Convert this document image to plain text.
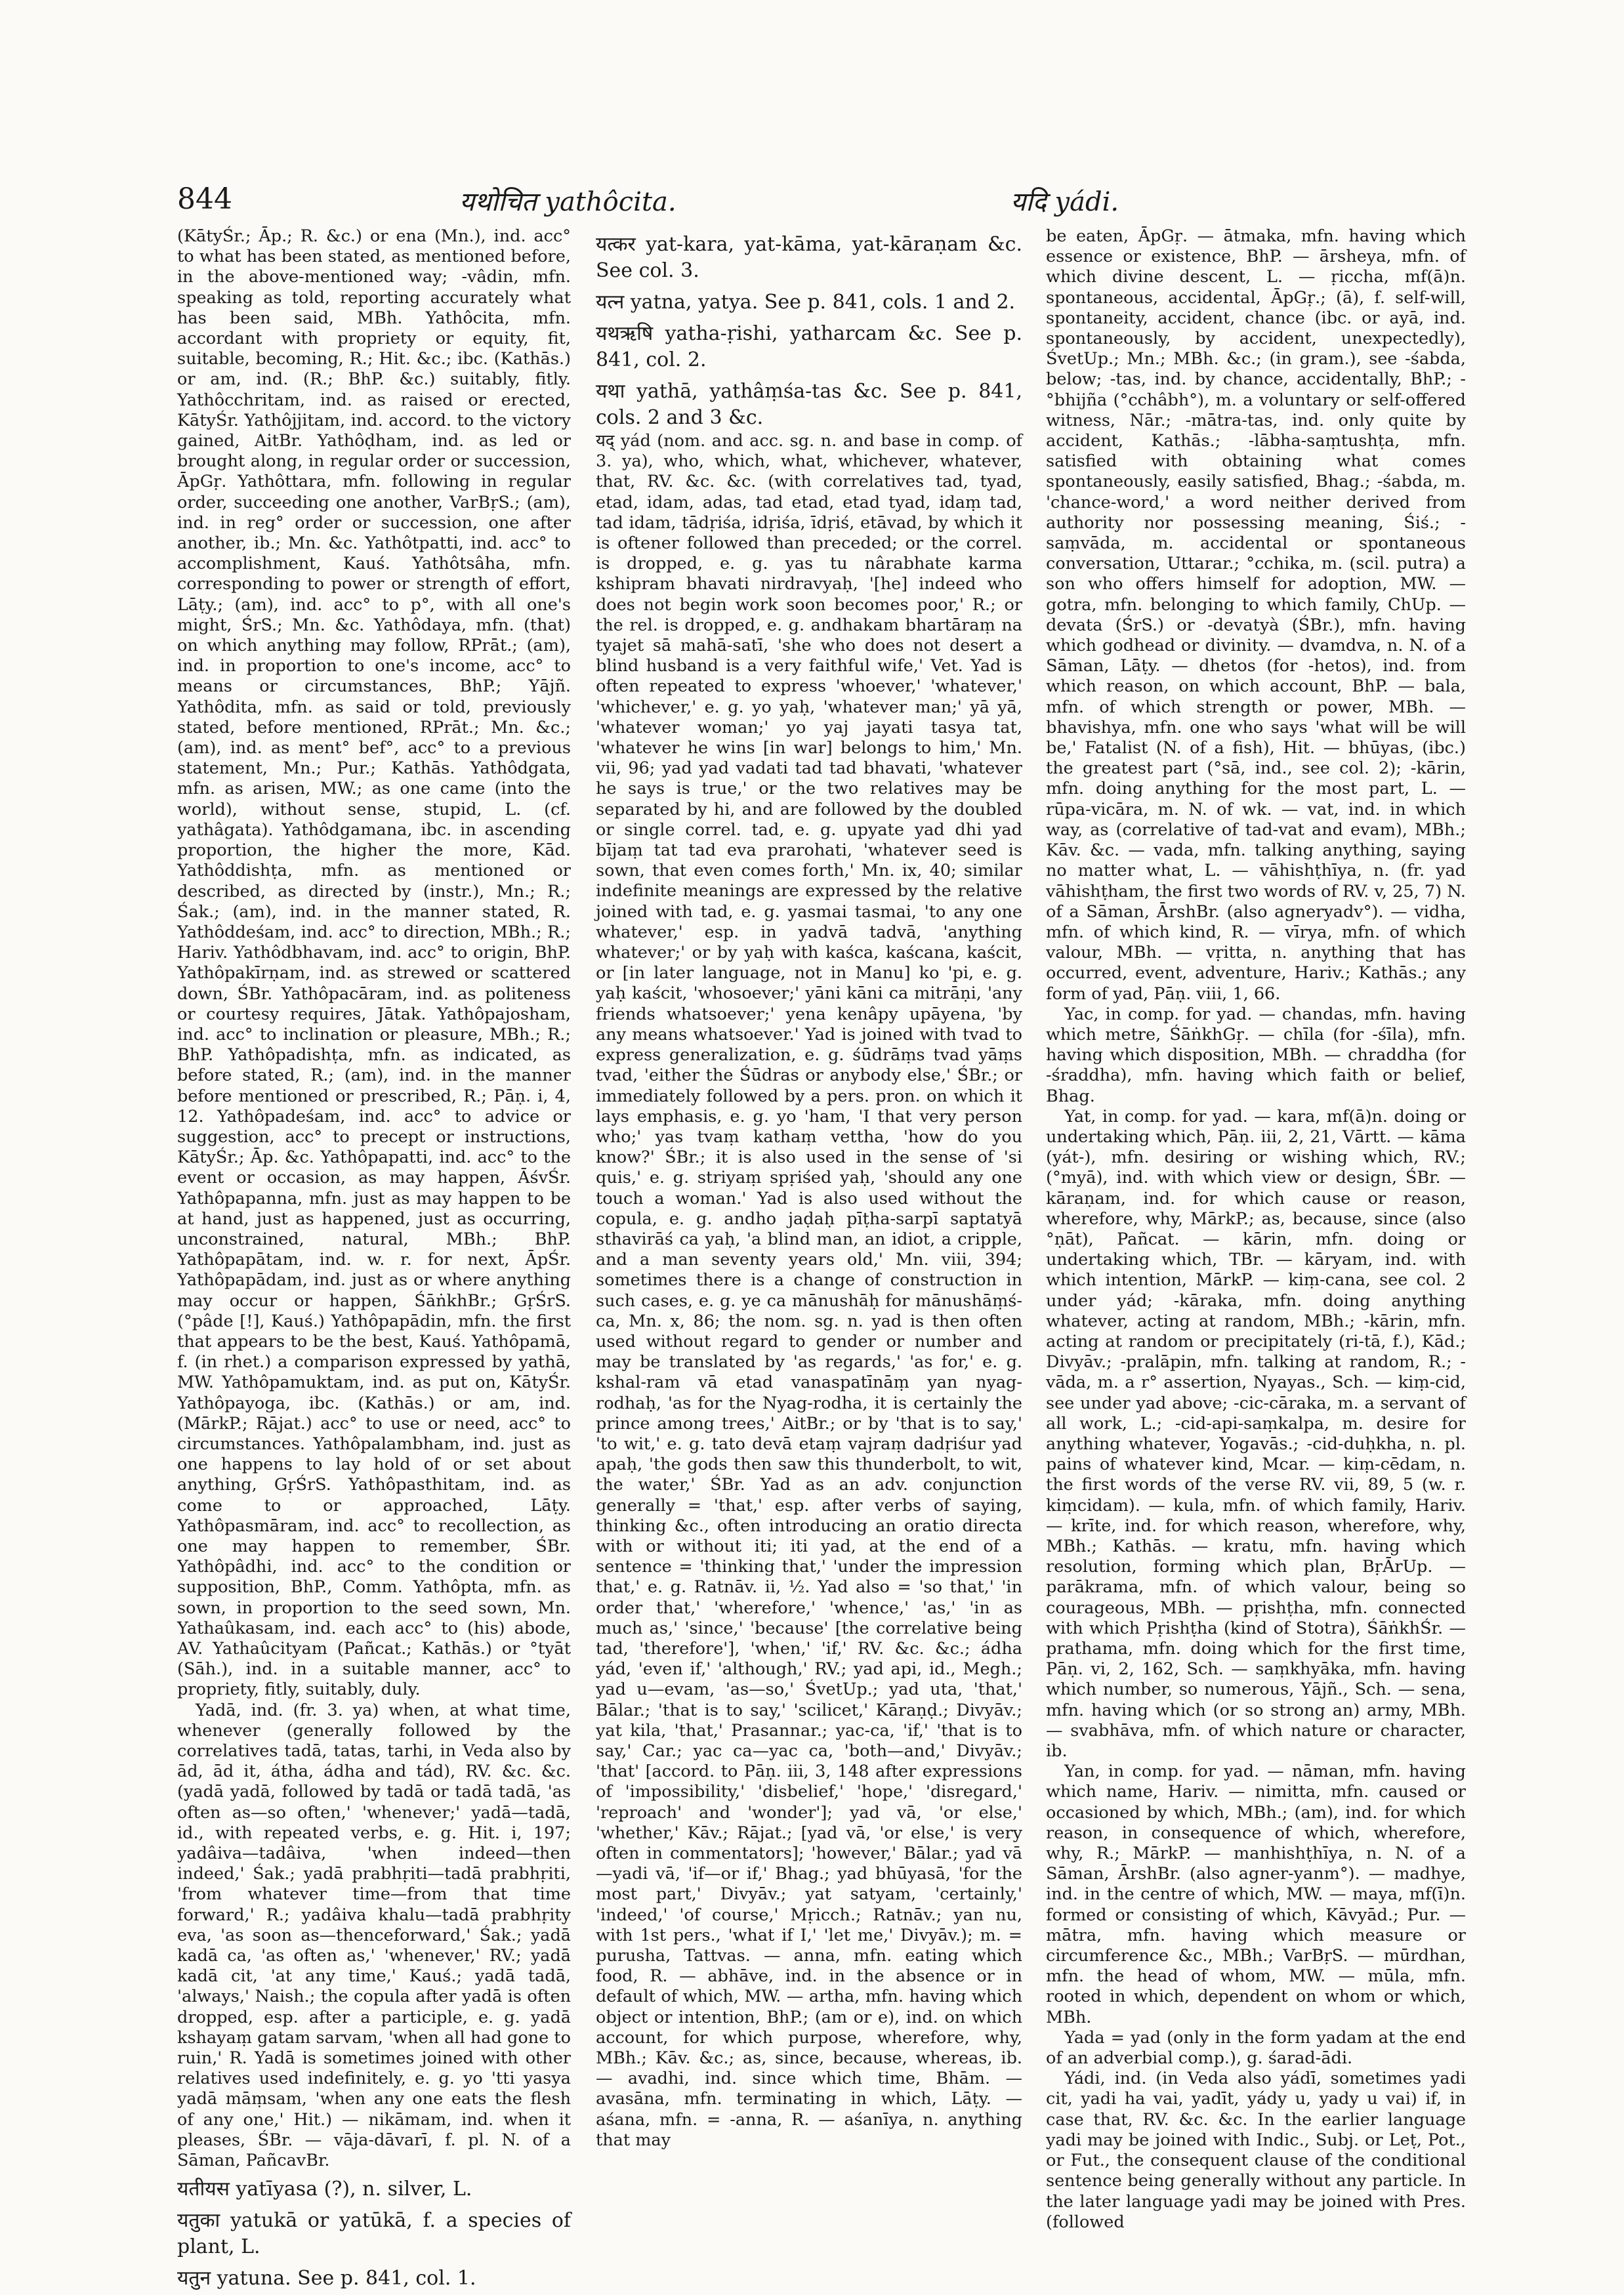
844	यथोचित yathôcita.	यदि yádi.

(KātyŚr.; Āp.; R. &c.) or ena (Mn.), ind. acc° to what has been stated, as mentioned before, in the above-mentioned way; -vâdin, mfn. speaking as told, reporting accurately what has been said, MBh. Yathôcita, mfn. accordant with propriety or equity, fit, suitable, becoming, R.; Hit. &c.; ibc. (Kathās.) or am, ind. (R.; BhP. &c.) suitably, fitly. Yathôcchritam, ind. as raised or erected, KātyŚr. Yathôjjitam, ind. accord. to the victory gained, AitBr. Yathôḍham, ind. as led or brought along, in regular order or succession, ĀpGṛ. Yathôttara, mfn. following in regular order, succeeding one another, VarBṛS.; (am), ind. in reg° order or succession, one after another, ib.; Mn. &c. Yathôtpatti, ind. acc° to accomplishment, Kauś. Yathôtsâha, mfn. corresponding to power or strength of effort, Lāṭy.; (am), ind. acc° to p°, with all one's might, ŚrS.; Mn. &c. Yathôdaya, mfn. (that) on which anything may follow, RPrāt.; (am), ind. in proportion to one's income, acc° to means or circumstances, BhP.; Yājñ. Yathôdita, mfn. as said or told, previously stated, before mentioned, RPrāt.; Mn. &c.; (am), ind. as ment° bef°, acc° to a previous statement, Mn.; Pur.; Kathās. Yathôdgata, mfn. as arisen, MW.; as one came (into the world), without sense, stupid, L. (cf. yathâgata). Yathôdgamana, ibc. in ascending proportion, the higher the more, Kād. Yathôddishṭa, mfn. as mentioned or described, as directed by (instr.), Mn.; R.; Śak.; (am), ind. in the manner stated, R. Yathôddeśam, ind. acc° to direction, MBh.; R.; Hariv. Yathôdbhavam, ind. acc° to origin, BhP. Yathôpakīrṇam, ind. as strewed or scattered down, ŚBr. Yathôpacāram, ind. as politeness or courtesy requires, Jātak. Yathôpajosham, ind. acc° to inclination or pleasure, MBh.; R.; BhP. Yathôpadishṭa, mfn. as indicated, as before stated, R.; (am), ind. in the manner before mentioned or prescribed, R.; Pāṇ. i, 4, 12. Yathôpadeśam, ind. acc° to advice or suggestion, acc° to precept or instructions, KātyŚr.; Āp. &c. Yathôpapatti, ind. acc° to the event or occasion, as may happen, ĀśvŚr. Yathôpapanna, mfn. just as may happen to be at hand, just as happened, just as occurring, unconstrained, natural, MBh.; BhP. Yathôpapātam, ind. w. r. for next, ĀpŚr. Yathôpapādam, ind. just as or where anything may occur or happen, ŚāṅkhBr.; GṛŚrS. (°pâde [!], Kauś.) Yathôpapādin, mfn. the first that appears to be the best, Kauś. Yathôpamā, f. (in rhet.) a comparison expressed by yathā, MW. Yathôpamuktam, ind. as put on, KātyŚr. Yathôpayoga, ibc. (Kathās.) or am, ind. (MārkP.; Rājat.) acc° to use or need, acc° to circumstances. Yathôpalambham, ind. just as one happens to lay hold of or set about anything, GṛŚrS. Yathôpasthitam, ind. as come to or approached, Lāṭy. Yathôpasmāram, ind. acc° to recollection, as one may happen to remember, ŚBr. Yathôpâdhi, ind. acc° to the condition or supposition, BhP., Comm. Yathôpta, mfn. as sown, in proportion to the seed sown, Mn. Yathaûkasam, ind. each acc° to (his) abode, AV. Yathaûcityam (Pañcat.; Kathās.) or °tyāt (Sāh.), ind. in a suitable manner, acc° to propriety, fitly, suitably, duly.

Yadā, ind. (fr. 3. ya) when, at what time, whenever (generally followed by the correlatives tadā, tatas, tarhi, in Veda also by ād, ād it, átha, ádha and tád), RV. &c. &c. (yadā yadā, followed by tadā or tadā tadā, 'as often as—so often,' 'whenever;' yadā—tadā, id., with repeated verbs, e. g. Hit. i, 197; yadâiva—tadâiva, 'when indeed—then indeed,' Śak.; yadā prabhṛiti—tadā prabhṛiti, 'from whatever time—from that time forward,' R.; yadâiva khalu—tadā prabhṛity eva, 'as soon as—thenceforward,' Śak.; yadā kadā ca, 'as often as,' 'whenever,' RV.; yadā kadā cit, 'at any time,' Kauś.; yadā tadā, 'always,' Naish.; the copula after yadā is often dropped, esp. after a participle, e. g. yadā kshayaṃ gatam sarvam, 'when all had gone to ruin,' R. Yadā is sometimes joined with other relatives used indefinitely, e. g. yo 'tti yasya yadā māṃsam, 'when any one eats the flesh of any one,' Hit.) — nikāmam, ind. when it pleases, ŚBr. — vāja-dāvarī, f. pl. N. of a Sāman, PañcavBr.

यतीयस yatīyasa (?), n. silver, L.

यतुका yatukā or yatūkā, f. a species of plant, L.

यतुन yatuna. See p. 841, col. 1.

यत्कर yat-kara, yat-kāma, yat-kāraṇam &c. See col. 3.

यत्न yatna, yatya. See p. 841, cols. 1 and 2.

यथऋषि yatha-ṛishi, yatharcam &c. See p. 841, col. 2.

यथा yathā, yathâṃśa-tas &c. See p. 841, cols. 2 and 3 &c.

यद् yád (nom. and acc. sg. n. and base in comp. of 3. ya), who, which, what, whichever, whatever, that, RV. &c. &c. (with correlatives tad, tyad, etad, idam, adas, tad etad, etad tyad, idaṃ tad, tad idam, tādṛiśa, idṛiśa, īdṛiś, etāvad, by which it is oftener followed than preceded; or the correl. is dropped, e. g. yas tu nârabhate karma kshipram bhavati nirdravyaḥ, '[he] indeed who does not begin work soon becomes poor,' R.; or the rel. is dropped, e. g. andhakam bhartāraṃ na tyajet sā mahā-satī, 'she who does not desert a blind husband is a very faithful wife,' Vet. Yad is often repeated to express 'whoever,' 'whatever,' 'whichever,' e. g. yo yaḥ, 'whatever man;' yā yā, 'whatever woman;' yo yaj jayati tasya tat, 'whatever he wins [in war] belongs to him,' Mn. vii, 96; yad yad vadati tad tad bhavati, 'whatever he says is true,' or the two relatives may be separated by hi, and are followed by the doubled or single correl. tad, e. g. upyate yad dhi yad bījaṃ tat tad eva prarohati, 'whatever seed is sown, that even comes forth,' Mn. ix, 40; similar indefinite meanings are expressed by the relative joined with tad, e. g. yasmai tasmai, 'to any one whatever,' esp. in yadvā tadvā, 'anything whatever;' or by yaḥ with kaśca, kaścana, kaścit, or [in later language, not in Manu] ko 'pi, e. g. yaḥ kaścit, 'whosoever;' yāni kāni ca mitrāṇi, 'any friends whatsoever;' yena kenâpy upāyena, 'by any means whatsoever.' Yad is joined with tvad to express generalization, e. g. śūdrāṃs tvad yāṃs tvad, 'either the Śūdras or anybody else,' ŚBr.; or immediately followed by a pers. pron. on which it lays emphasis, e. g. yo 'ham, 'I that very person who;' yas tvaṃ kathaṃ vettha, 'how do you know?' ŚBr.; it is also used in the sense of 'si quis,' e. g. striyaṃ spṛiśed yaḥ, 'should any one touch a woman.' Yad is also used without the copula, e. g. andho jaḍaḥ pīṭha-sarpī saptatyā sthavirāś ca yaḥ, 'a blind man, an idiot, a cripple, and a man seventy years old,' Mn. viii, 394; sometimes there is a change of construction in such cases, e. g. ye ca mānushāḥ for mānushāṃś-ca, Mn. x, 86; the nom. sg. n. yad is then often used without regard to gender or number and may be translated by 'as regards,' 'as for,' e. g. kshal-ram vā etad vanaspatīnāṃ yan nyag-rodhaḥ, 'as for the Nyag-rodha, it is certainly the prince among trees,' AitBr.; or by 'that is to say,' 'to wit,' e. g. tato devā etaṃ vajraṃ dadṛiśur yad apaḥ, 'the gods then saw this thunderbolt, to wit, the water,' ŚBr. Yad as an adv. conjunction generally = 'that,' esp. after verbs of saying, thinking &c., often introducing an oratio directa with or without iti; iti yad, at the end of a sentence = 'thinking that,' 'under the impression that,' e. g. Ratnāv. ii, ½. Yad also = 'so that,' 'in order that,' 'wherefore,' 'whence,' 'as,' 'in as much as,' 'since,' 'because' [the correlative being tad, 'therefore'], 'when,' 'if,' RV. &c. &c.; ádha yád, 'even if,' 'although,' RV.; yad api, id., Megh.; yad u—evam, 'as—so,' ŚvetUp.; yad uta, 'that,' Bālar.; 'that is to say,' 'scilicet,' Kāraṇḍ.; Divyāv.; yat kila, 'that,' Prasannar.; yac-ca, 'if,' 'that is to say,' Car.; yac ca—yac ca, 'both—and,' Divyāv.; 'that' [accord. to Pāṇ. iii, 3, 148 after expressions of 'impossibility,' 'disbelief,' 'hope,' 'disregard,' 'reproach' and 'wonder']; yad vā, 'or else,' 'whether,' Kāv.; Rājat.; [yad vā, 'or else,' is very often in commentators]; 'however,' Bālar.; yad vā—yadi vā, 'if—or if,' Bhag.; yad bhūyasā, 'for the most part,' Divyāv.; yat satyam, 'certainly,' 'indeed,' 'of course,' Mṛicch.; Ratnāv.; yan nu, with 1st pers., 'what if I,' 'let me,' Divyāv.); m. = purusha, Tattvas. — anna, mfn. eating which food, R. — abhāve, ind. in the absence or in default of which, MW. — artha, mfn. having which object or intention, BhP.; (am or e), ind. on which account, for which purpose, wherefore, why, MBh.; Kāv. &c.; as, since, because, whereas, ib. — avadhi, ind. since which time, Bhām. — avasāna, mfn. terminating in which, Lāṭy. — aśana, mfn. = -anna, R. — aśanīya, n. anything that may

be eaten, ĀpGṛ. — ātmaka, mfn. having which essence or existence, BhP. — ārsheya, mfn. of which divine descent, L. — ṛiccha, mf(ā)n. spontaneous, accidental, ĀpGṛ.; (ā), f. self-will, spontaneity, accident, chance (ibc. or ayā, ind. spontaneously, by accident, unexpectedly), ŚvetUp.; Mn.; MBh. &c.; (in gram.), see -śabda, below; -tas, ind. by chance, accidentally, BhP.; -°bhijña (°cchâbh°), m. a voluntary or self-offered witness, Nār.; -mātra-tas, ind. only quite by accident, Kathās.; -lābha-saṃtushṭa, mfn. satisfied with obtaining what comes spontaneously, easily satisfied, Bhag.; -śabda, m. 'chance-word,' a word neither derived from authority nor possessing meaning, Śiś.; -saṃvāda, m. accidental or spontaneous conversation, Uttarar.; °cchika, m. (scil. putra) a son who offers himself for adoption, MW. — gotra, mfn. belonging to which family, ChUp. — devata (ŚrS.) or -devatyà (ŚBr.), mfn. having which godhead or divinity. — dvamdva, n. N. of a Sāman, Lāṭy. — dhetos (for -hetos), ind. from which reason, on which account, BhP. — bala, mfn. of which strength or power, MBh. — bhavishya, mfn. one who says 'what will be will be,' Fatalist (N. of a fish), Hit. — bhūyas, (ibc.) the greatest part (°sā, ind., see col. 2); -kārin, mfn. doing anything for the most part, L. — rūpa-vicāra, m. N. of wk. — vat, ind. in which way, as (correlative of tad-vat and evam), MBh.; Kāv. &c. — vada, mfn. talking anything, saying no matter what, L. — vāhishṭhīya, n. (fr. yad vāhishṭham, the first two words of RV. v, 25, 7) N. of a Sāman, ĀrshBr. (also agneryadv°). — vidha, mfn. of which kind, R. — vīrya, mfn. of which valour, MBh. — vṛitta, n. anything that has occurred, event, adventure, Hariv.; Kathās.; any form of yad, Pāṇ. viii, 1, 66.

Yac, in comp. for yad. — chandas, mfn. having which metre, ŚāṅkhGṛ. — chīla (for -śīla), mfn. having which disposition, MBh. — chraddha (for -śraddha), mfn. having which faith or belief, Bhag.

Yat, in comp. for yad. — kara, mf(ā)n. doing or undertaking which, Pāṇ. iii, 2, 21, Vārtt. — kāma (yát-), mfn. desiring or wishing which, RV.; (°myā), ind. with which view or design, ŚBr. — kāraṇam, ind. for which cause or reason, wherefore, why, MārkP.; as, because, since (also °ṇāt), Pañcat. — kārin, mfn. doing or undertaking which, TBr. — kāryam, ind. with which intention, MārkP. — kiṃ-cana, see col. 2 under yád; -kāraka, mfn. doing anything whatever, acting at random, MBh.; -kārin, mfn. acting at random or precipitately (ri-tā, f.), Kād.; Divyāv.; -pralāpin, mfn. talking at random, R.; -vāda, m. a r° assertion, Nyayas., Sch. — kiṃ-cid, see under yad above; -cic-cāraka, m. a servant of all work, L.; -cid-api-saṃkalpa, m. desire for anything whatever, Yogavās.; -cid-duḥkha, n. pl. pains of whatever kind, Mcar. — kiṃ-cēdam, n. the first words of the verse RV. vii, 89, 5 (w. r. kiṃcidam). — kula, mfn. of which family, Hariv. — krīte, ind. for which reason, wherefore, why, MBh.; Kathās. — kratu, mfn. having which resolution, forming which plan, BṛĀrUp. — parākrama, mfn. of which valour, being so courageous, MBh. — pṛishṭha, mfn. connected with which Pṛishṭha (kind of Stotra), ŚāṅkhŚr. — prathama, mfn. doing which for the first time, Pāṇ. vi, 2, 162, Sch. — saṃkhyāka, mfn. having which number, so numerous, Yājñ., Sch. — sena, mfn. having which (or so strong an) army, MBh. — svabhāva, mfn. of which nature or character, ib.

Yan, in comp. for yad. — nāman, mfn. having which name, Hariv. — nimitta, mfn. caused or occasioned by which, MBh.; (am), ind. for which reason, in consequence of which, wherefore, why, R.; MārkP. — manhishṭhīya, n. N. of a Sāman, ĀrshBr. (also agner-yanm°). — madhye, ind. in the centre of which, MW. — maya, mf(ī)n. formed or consisting of which, Kāvyād.; Pur. — mātra, mfn. having which measure or circumference &c., MBh.; VarBṛS. — mūrdhan, mfn. the head of whom, MW. — mūla, mfn. rooted in which, dependent on whom or which, MBh.

Yada = yad (only in the form yadam at the end of an adverbial comp.), g. śarad-ādi.

Yádi, ind. (in Veda also yádī, sometimes yadi cit, yadi ha vai, yadīt, yády u, yady u vai) if, in case that, RV. &c. &c. In the earlier language yadi may be joined with Indic., Subj. or Leṭ, Pot., or Fut., the consequent clause of the conditional sentence being generally without any particle. In the later language yadi may be joined with Pres. (followed
